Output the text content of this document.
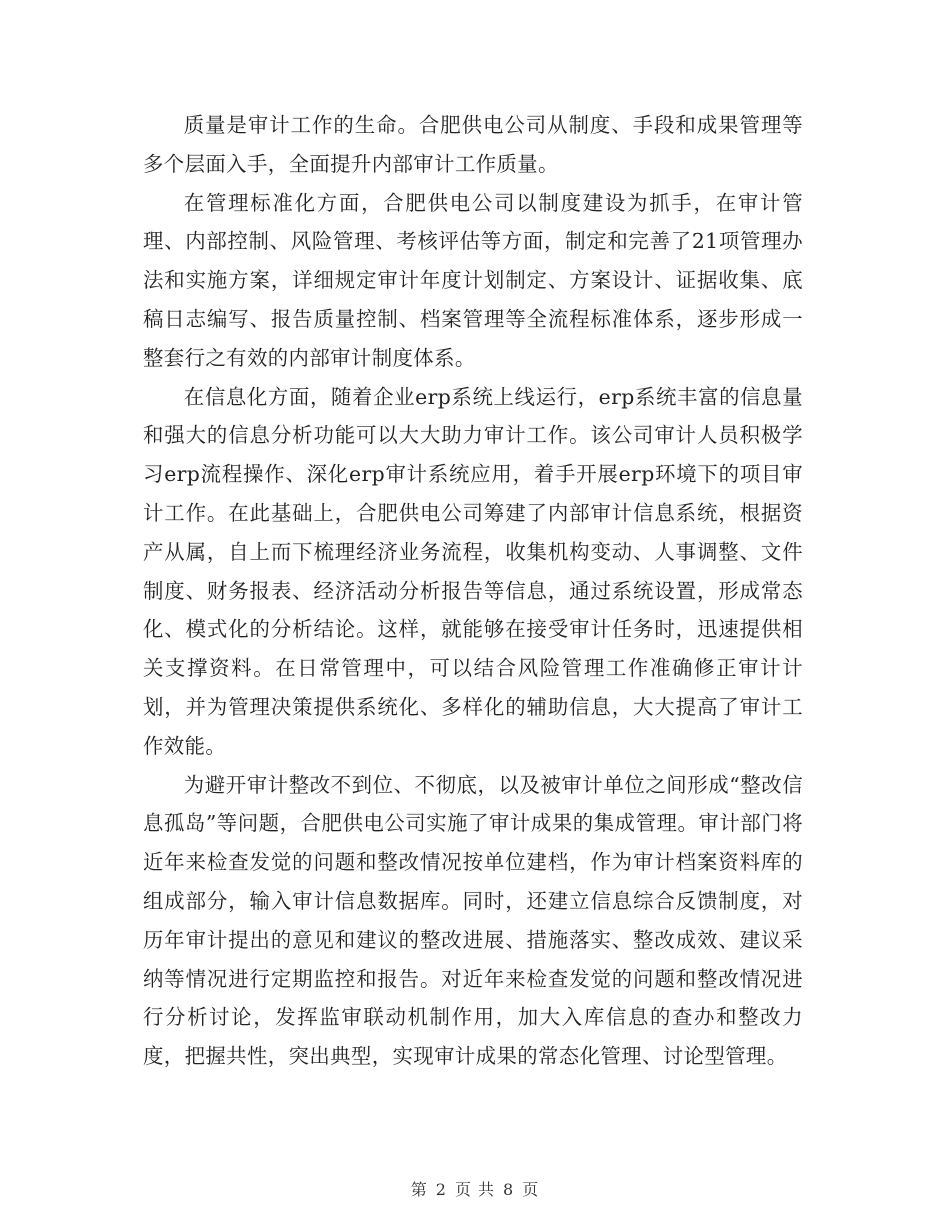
质量是审计工作的生命。合肥供电公司从制度、手段和成果管理等多个层面入手，全面提升内部审计工作质量。

在管理标准化方面，合肥供电公司以制度建设为抓手，在审计管理、内部控制、风险管理、考核评估等方面，制定和完善了21项管理办法和实施方案，详细规定审计年度计划制定、方案设计、证据收集、底稿日志编写、报告质量控制、档案管理等全流程标准体系，逐步形成一整套行之有效的内部审计制度体系。

在信息化方面，随着企业erp系统上线运行，erp系统丰富的信息量和强大的信息分析功能可以大大助力审计工作。该公司审计人员积极学习erp流程操作、深化erp审计系统应用，着手开展erp环境下的项目审计工作。在此基础上，合肥供电公司筹建了内部审计信息系统，根据资产从属，自上而下梳理经济业务流程，收集机构变动、人事调整、文件制度、财务报表、经济活动分析报告等信息，通过系统设置，形成常态化、模式化的分析结论。这样，就能够在接受审计任务时，迅速提供相关支撑资料。在日常管理中，可以结合风险管理工作准确修正审计计划，并为管理决策提供系统化、多样化的辅助信息，大大提高了审计工作效能。

为避开审计整改不到位、不彻底，以及被审计单位之间形成“整改信息孤岛”等问题，合肥供电公司实施了审计成果的集成管理。审计部门将近年来检查发觉的问题和整改情况按单位建档，作为审计档案资料库的组成部分，输入审计信息数据库。同时，还建立信息综合反馈制度，对历年审计提出的意见和建议的整改进展、措施落实、整改成效、建议采纳等情况进行定期监控和报告。对近年来检查发觉的问题和整改情况进行分析讨论，发挥监审联动机制作用，加大入库信息的查办和整改力度，把握共性，突出典型，实现审计成果的常态化管理、讨论型管理。

第 2 页 共 8 页
